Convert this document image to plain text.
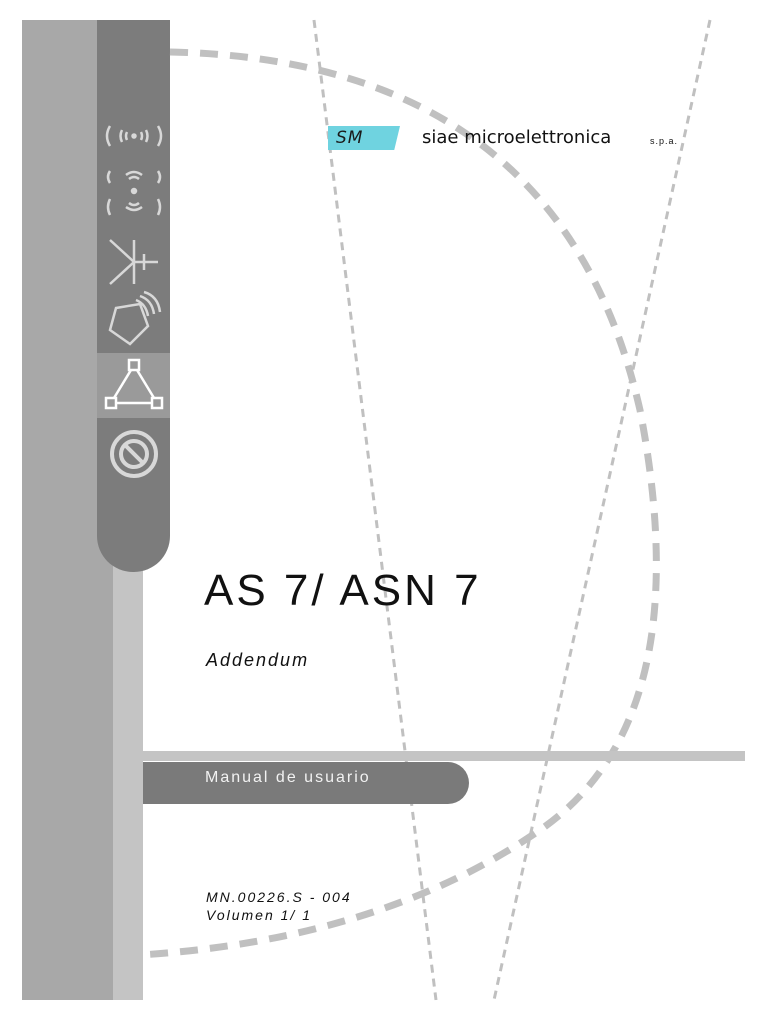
SM	siae microelettronica	s.p.a.
AS 7/ ASN 7
Addendum
Manual de usuario
MN.00226.S - 004
Volumen 1/ 1
